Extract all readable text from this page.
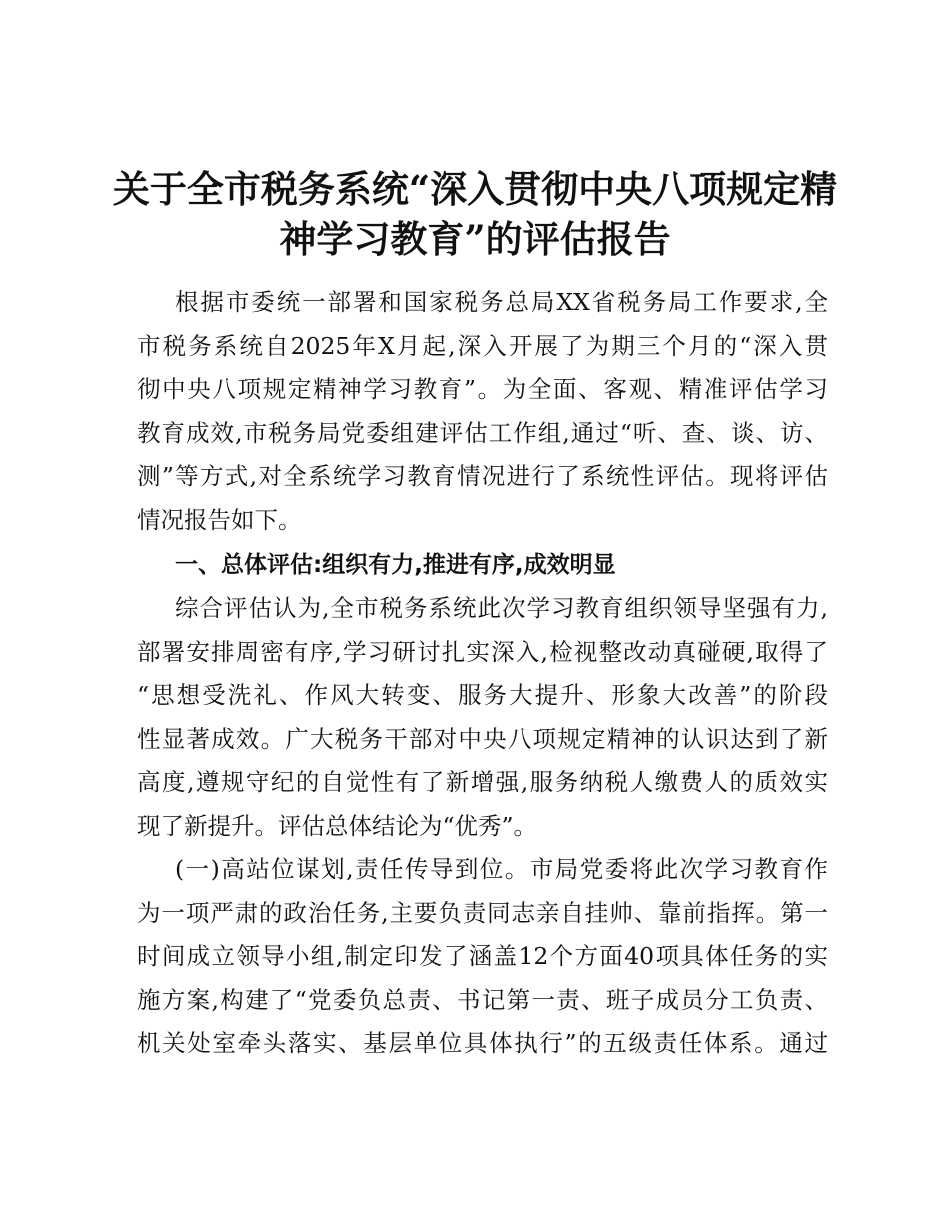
关于全市税务系统“深入贯彻中央八项规定精
神学习教育”的评估报告
根据市委统一部署和国家税务总局XX省税务局工作要求,全
市税务系统自2025年X月起,深入开展了为期三个月的“深入贯
彻中央八项规定精神学习教育”。为全面、客观、精准评估学习
教育成效,市税务局党委组建评估工作组,通过“听、查、谈、访、
测”等方式,对全系统学习教育情况进行了系统性评估。现将评估
情况报告如下。
一、总体评估:组织有力,推进有序,成效明显
综合评估认为,全市税务系统此次学习教育组织领导坚强有力,
部署安排周密有序,学习研讨扎实深入,检视整改动真碰硬,取得了
“思想受洗礼、作风大转变、服务大提升、形象大改善”的阶段
性显著成效。广大税务干部对中央八项规定精神的认识达到了新
高度,遵规守纪的自觉性有了新增强,服务纳税人缴费人的质效实
现了新提升。评估总体结论为“优秀”。
(一)高站位谋划,责任传导到位。市局党委将此次学习教育作
为一项严肃的政治任务,主要负责同志亲自挂帅、靠前指挥。第一
时间成立领导小组,制定印发了涵盖12个方面40项具体任务的实
施方案,构建了“党委负总责、书记第一责、班子成员分工负责、
机关处室牵头落实、基层单位具体执行”的五级责任体系。通过
